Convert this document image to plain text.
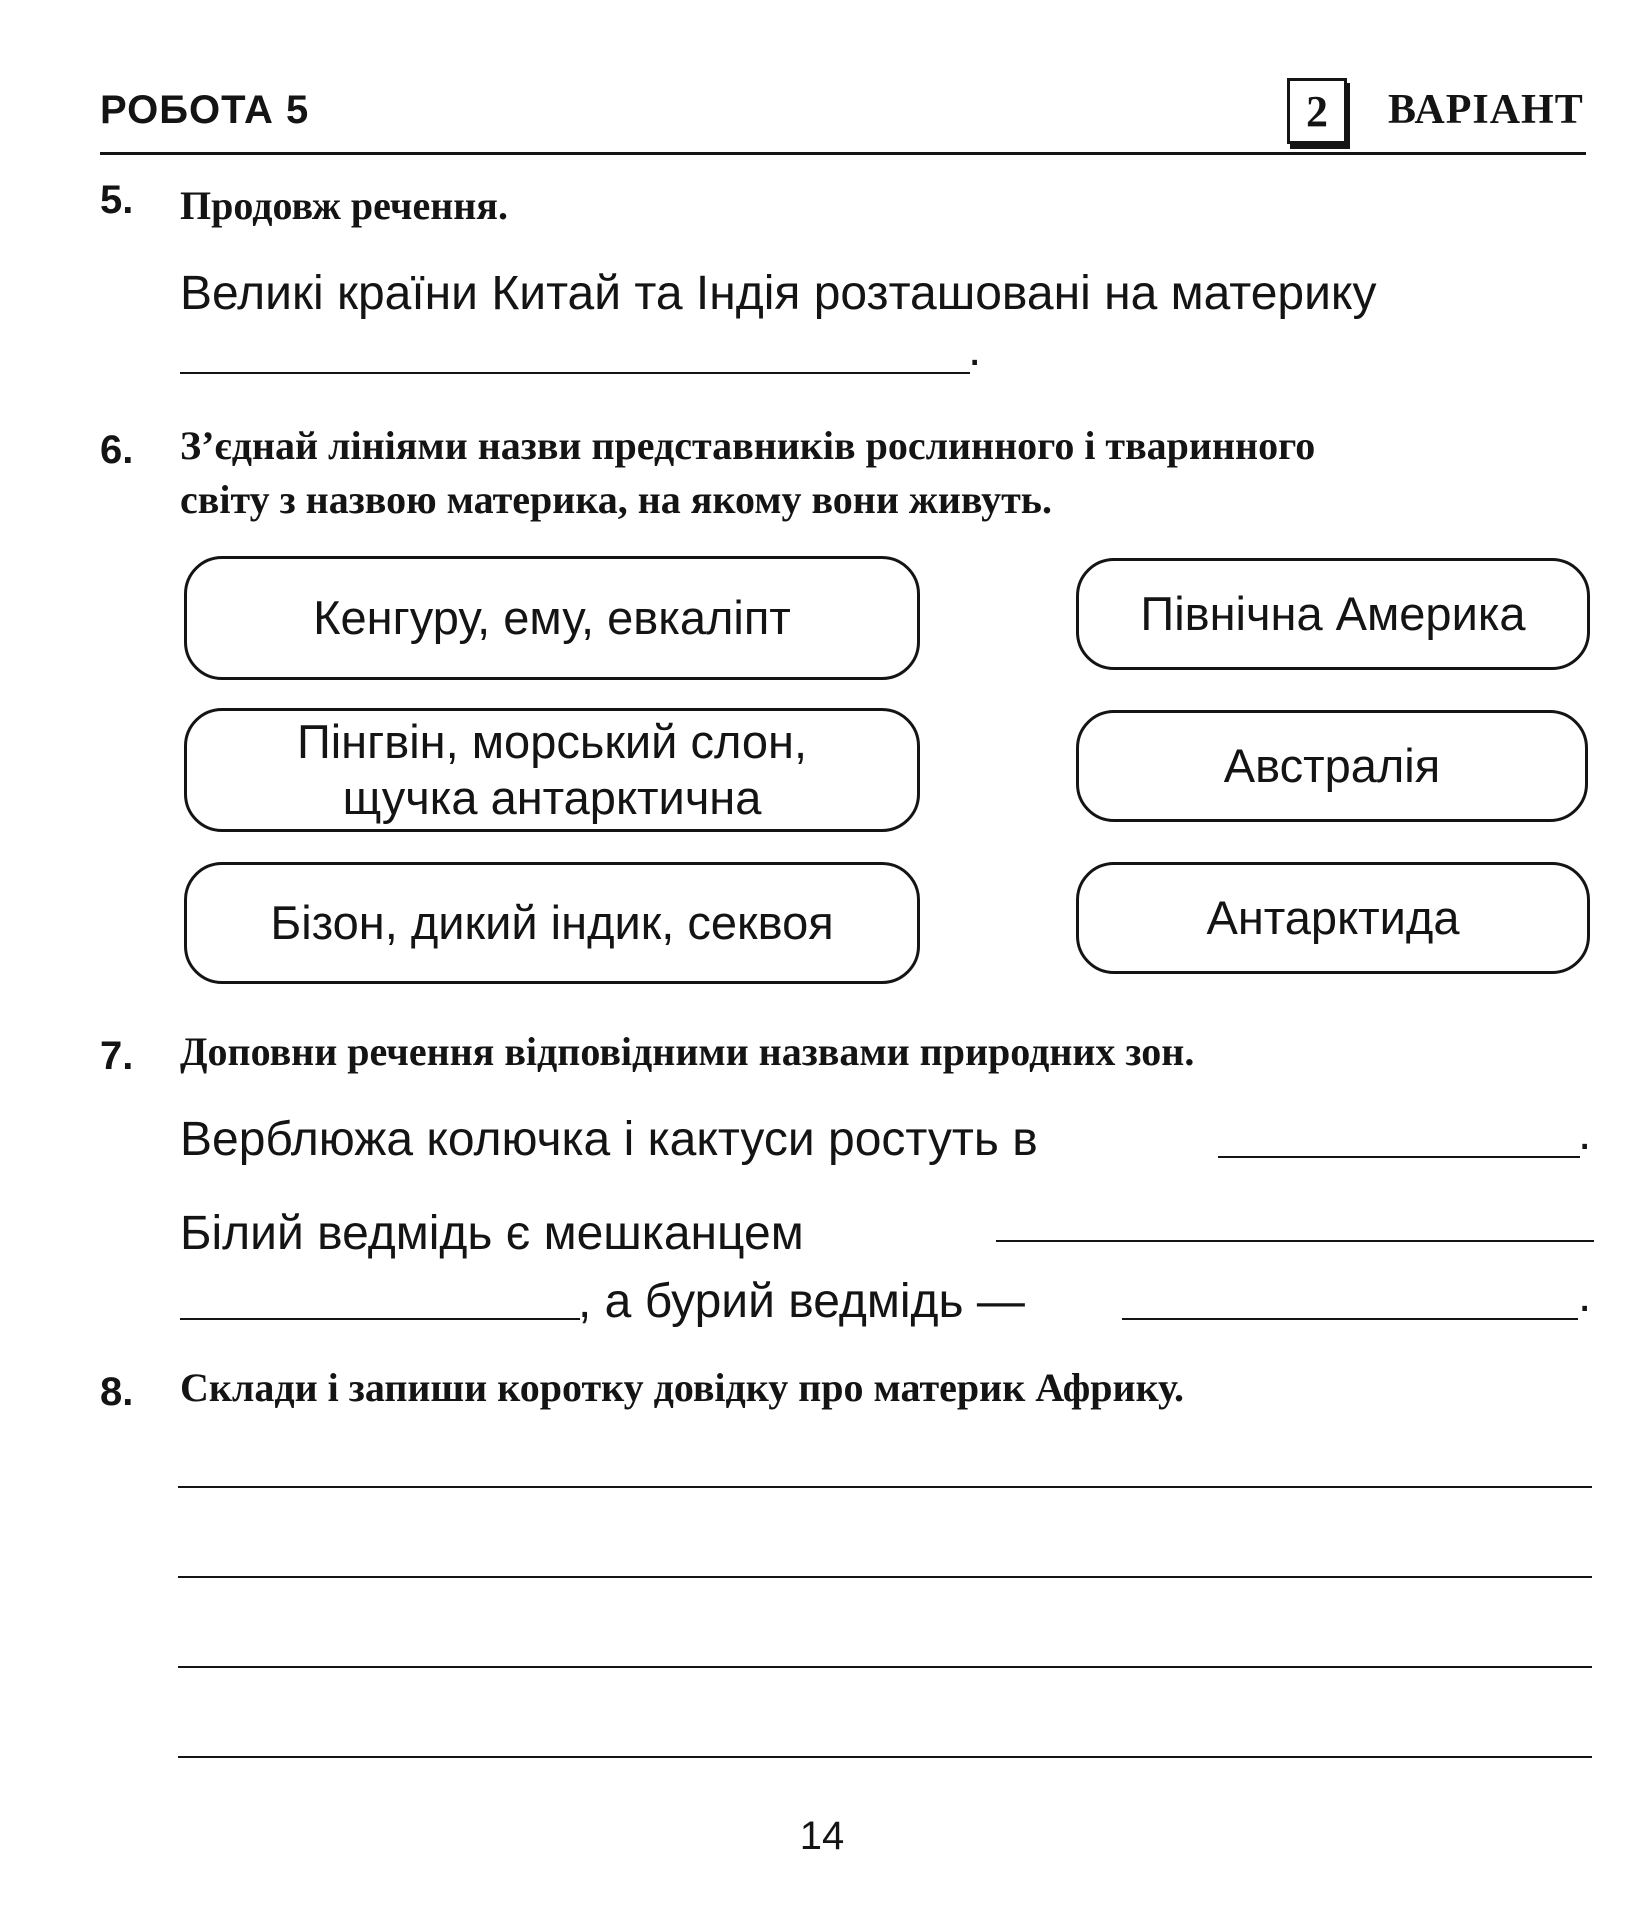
РОБОТА 5	2	ВАРІАНТ
5. Продовж речення.
Великі країни Китай та Індія розташовані на материку
.
6. З’єднай лініями назви представників рослинного і тваринного
світу з назвою материка, на якому вони живуть.
Кенгуру, ему, евкаліпт
Пінгвін, морський слон,
щучка антарктична
Бізон, дикий індик, секвоя
Північна Америка
Австралія
Антарктида
7. Доповни речення відповідними назвами природних зон.
Верблюжа колючка і кактуси ростуть в	.
Білий ведмідь є мешканцем
, а бурий ведмідь —	.
8. Склади і запиши коротку довідку про материк Африку.
14
